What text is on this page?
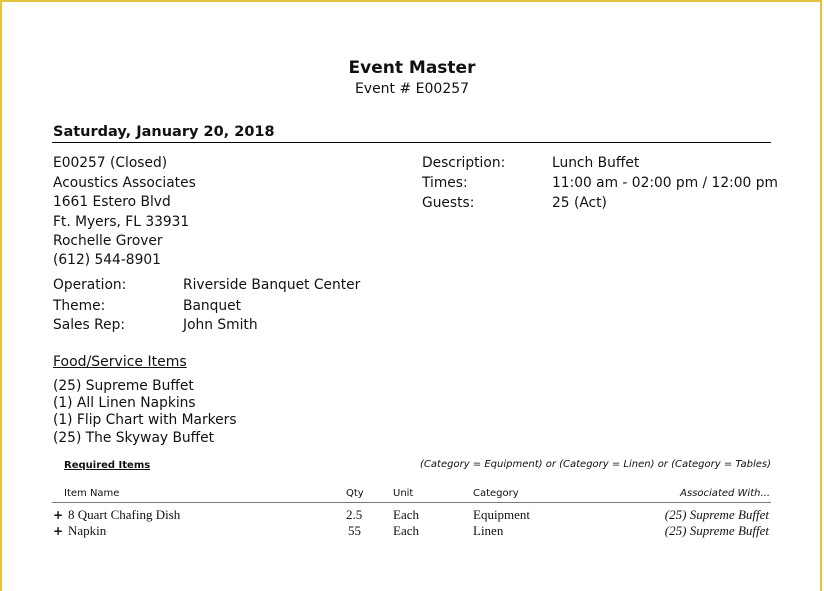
Event Master
Event # E00257
Saturday, January 20, 2018
E00257 (Closed)
Acoustics Associates
1661 Estero Blvd
Ft. Myers, FL 33931
Rochelle Grover
(612) 544-8901
Description:	Lunch Buffet
Times:	11:00 am - 02:00 pm / 12:00 pm
Guests:	25 (Act)
Operation:	Riverside Banquet Center
Theme:	Banquet
Sales Rep:	John Smith
Food/Service Items
(25) Supreme Buffet
(1) All Linen Napkins
(1) Flip Chart with Markers
(25) The Skyway Buffet
Required Items	(Category = Equipment) or (Category = Linen) or (Category = Tables)
Item Name	Qty	Unit	Category	Associated With...
+ 8 Quart Chafing Dish	2.5 Each	Equipment	(25) Supreme Buffet
+ Napkin	55 Each	Linen	(25) Supreme Buffet
